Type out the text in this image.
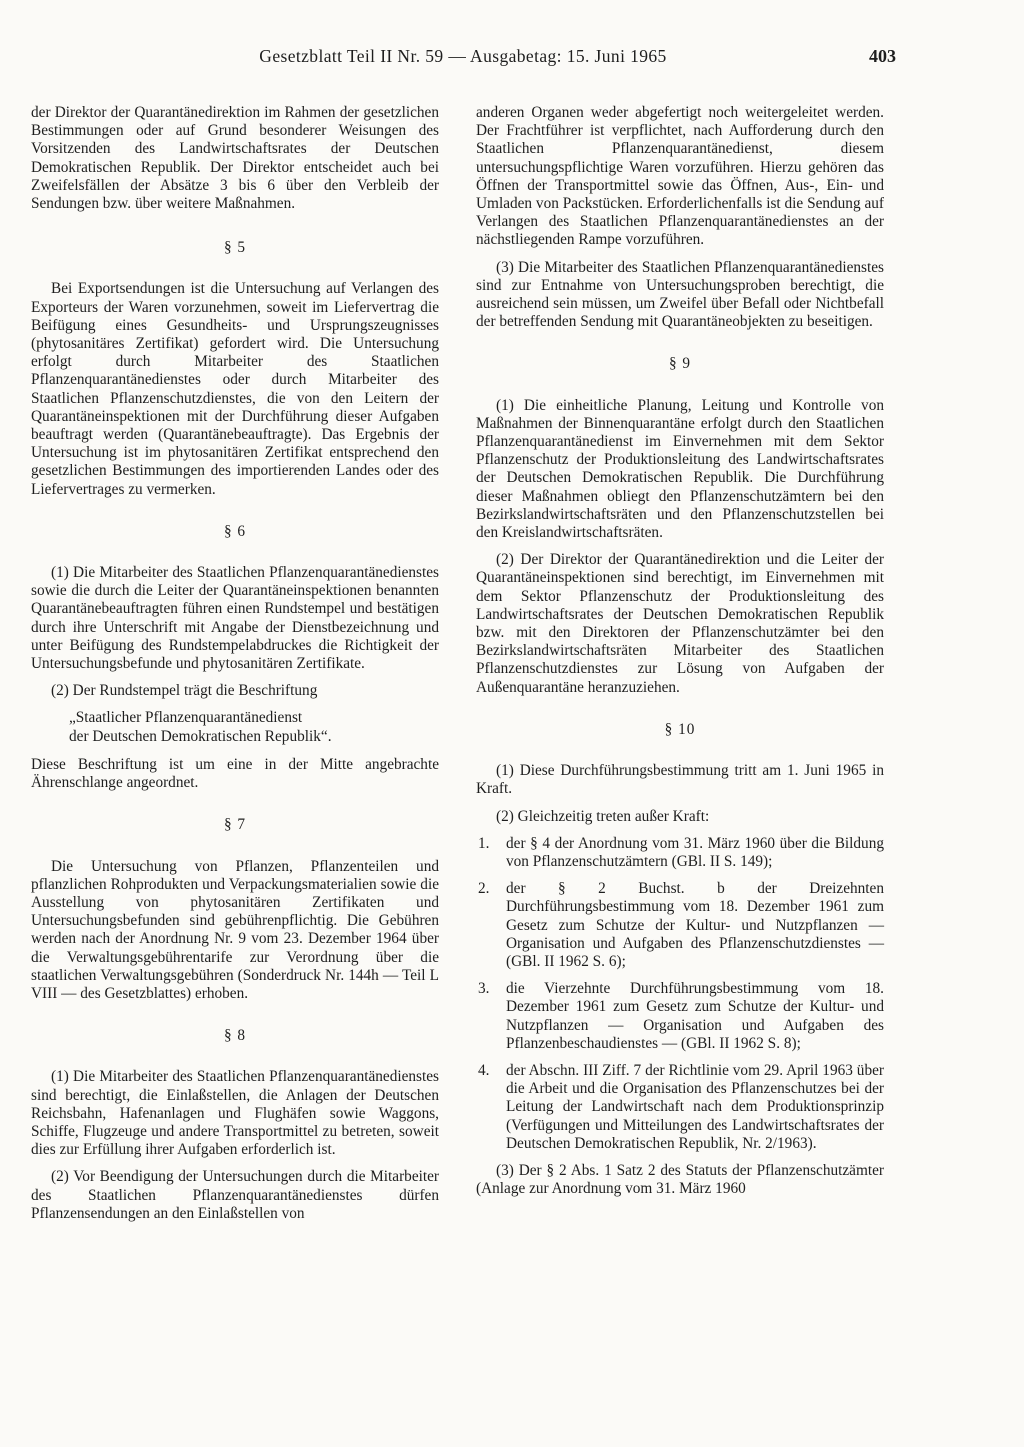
Gesetzblatt Teil II Nr. 59 — Ausgabetag: 15. Juni 1965	403

der Direktor der Quarantänedirektion im Rahmen der gesetzlichen Bestimmungen oder auf Grund besonderer Weisungen des Vorsitzenden des Landwirtschaftsrates der Deutschen Demokratischen Republik. Der Direktor entscheidet auch bei Zweifelsfällen der Absätze 3 bis 6 über den Verbleib der Sendungen bzw. über weitere Maßnahmen.

§ 5

Bei Exportsendungen ist die Untersuchung auf Verlangen des Exporteurs der Waren vorzunehmen, soweit im Liefervertrag die Beifügung eines Gesundheits- und Ursprungszeugnisses (phytosanitäres Zertifikat) gefordert wird. Die Untersuchung erfolgt durch Mitarbeiter des Staatlichen Pflanzenquarantänedienstes oder durch Mitarbeiter des Staatlichen Pflanzenschutzdienstes, die von den Leitern der Quarantäneinspektionen mit der Durchführung dieser Aufgaben beauftragt werden (Quarantänebeauftragte). Das Ergebnis der Untersuchung ist im phytosanitären Zertifikat entsprechend den gesetzlichen Bestimmungen des importierenden Landes oder des Liefervertrages zu vermerken.

§ 6

(1) Die Mitarbeiter des Staatlichen Pflanzenquarantänedienstes sowie die durch die Leiter der Quarantäneinspektionen benannten Quarantänebeauftragten führen einen Rundstempel und bestätigen durch ihre Unterschrift mit Angabe der Dienstbezeichnung und unter Beifügung des Rundstempelabdruckes die Richtigkeit der Untersuchungsbefunde und phytosanitären Zertifikate.

(2) Der Rundstempel trägt die Beschriftung

„Staatlicher Pflanzenquarantänedienst
der Deutschen Demokratischen Republik“.

Diese Beschriftung ist um eine in der Mitte angebrachte Ährenschlange angeordnet.

§ 7

Die Untersuchung von Pflanzen, Pflanzenteilen und pflanzlichen Rohprodukten und Verpackungsmaterialien sowie die Ausstellung von phytosanitären Zertifikaten und Untersuchungsbefunden sind gebührenpflichtig. Die Gebühren werden nach der Anordnung Nr. 9 vom 23. Dezember 1964 über die Verwaltungsgebührentarife zur Verordnung über die staatlichen Verwaltungsgebühren (Sonderdruck Nr. 144h — Teil L VIII — des Gesetzblattes) erhoben.

§ 8

(1) Die Mitarbeiter des Staatlichen Pflanzenquarantänedienstes sind berechtigt, die Einlaßstellen, die Anlagen der Deutschen Reichsbahn, Hafenanlagen und Flughäfen sowie Waggons, Schiffe, Flugzeuge und andere Transportmittel zu betreten, soweit dies zur Erfüllung ihrer Aufgaben erforderlich ist.

(2) Vor Beendigung der Untersuchungen durch die Mitarbeiter des Staatlichen Pflanzenquarantänedienstes dürfen Pflanzensendungen an den Einlaßstellen von

anderen Organen weder abgefertigt noch weitergeleitet werden. Der Frachtführer ist verpflichtet, nach Aufforderung durch den Staatlichen Pflanzenquarantänedienst, diesem untersuchungspflichtige Waren vorzuführen. Hierzu gehören das Öffnen der Transportmittel sowie das Öffnen, Aus-, Ein- und Umladen von Packstücken. Erforderlichenfalls ist die Sendung auf Verlangen des Staatlichen Pflanzenquarantänedienstes an der nächstliegenden Rampe vorzuführen.

(3) Die Mitarbeiter des Staatlichen Pflanzenquarantänedienstes sind zur Entnahme von Untersuchungsproben berechtigt, die ausreichend sein müssen, um Zweifel über Befall oder Nichtbefall der betreffenden Sendung mit Quarantäneobjekten zu beseitigen.

§ 9

(1) Die einheitliche Planung, Leitung und Kontrolle von Maßnahmen der Binnenquarantäne erfolgt durch den Staatlichen Pflanzenquarantänedienst im Einvernehmen mit dem Sektor Pflanzenschutz der Produktionsleitung des Landwirtschaftsrates der Deutschen Demokratischen Republik. Die Durchführung dieser Maßnahmen obliegt den Pflanzenschutzämtern bei den Bezirkslandwirtschaftsräten und den Pflanzenschutzstellen bei den Kreislandwirtschaftsräten.

(2) Der Direktor der Quarantänedirektion und die Leiter der Quarantäneinspektionen sind berechtigt, im Einvernehmen mit dem Sektor Pflanzenschutz der Produktionsleitung des Landwirtschaftsrates der Deutschen Demokratischen Republik bzw. mit den Direktoren der Pflanzenschutzämter bei den Bezirkslandwirtschaftsräten Mitarbeiter des Staatlichen Pflanzenschutzdienstes zur Lösung von Aufgaben der Außenquarantäne heranzuziehen.

§ 10

(1) Diese Durchführungsbestimmung tritt am 1. Juni 1965 in Kraft.

(2) Gleichzeitig treten außer Kraft:

1.	der § 4 der Anordnung vom 31. März 1960 über die Bildung von Pflanzenschutzämtern (GBl. II S. 149);
2.	der § 2 Buchst. b der Dreizehnten Durchführungsbestimmung vom 18. Dezember 1961 zum Gesetz zum Schutze der Kultur- und Nutzpflanzen — Organisation und Aufgaben des Pflanzenschutzdienstes — (GBl. II 1962 S. 6);
3.	die Vierzehnte Durchführungsbestimmung vom 18. Dezember 1961 zum Gesetz zum Schutze der Kultur- und Nutzpflanzen — Organisation und Aufgaben des Pflanzenbeschaudienstes — (GBl. II 1962 S. 8);
4.	der Abschn. III Ziff. 7 der Richtlinie vom 29. April 1963 über die Arbeit und die Organisation des Pflanzenschutzes bei der Leitung der Landwirtschaft nach dem Produktionsprinzip (Verfügungen und Mitteilungen des Landwirtschaftsrates der Deutschen Demokratischen Republik, Nr. 2/1963).

(3) Der § 2 Abs. 1 Satz 2 des Statuts der Pflanzenschutzämter (Anlage zur Anordnung vom 31. März 1960
